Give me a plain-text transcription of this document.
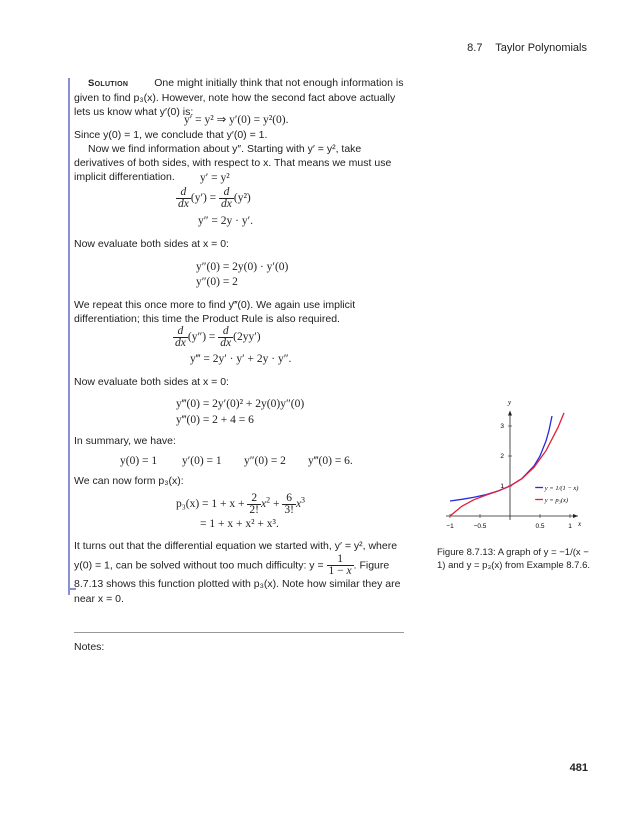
8.7 Taylor Polynomials
Solution One might initially think that not enough information is given to find p₃(x). However, note how the second fact above actually lets us know what y′(0) is:
y′ = y² ⇒ y′(0) = y²(0).
Since y(0) = 1, we conclude that y′(0) = 1.
Now we find information about y″. Starting with y′ = y², take derivatives of both sides, with respect to x. That means we must use implicit differentiation.	y′ = y²
$\frac{d}{dx} (y') = \frac{d}{dx} (y^2)$
y″ = 2y · y′.
Now evaluate both sides at x = 0:
y″(0) = 2y(0) · y′(0)
y″(0) = 2
We repeat this once more to find y‴(0). We again use implicit differentiation; this time the Product Rule is also required.
$\frac{d}{dx} (y'') = \frac{d}{dx} (2yy')$
y‴ = 2y′ · y′ + 2y · y″.
Now evaluate both sides at x = 0:
y‴(0) = 2y′(0)² + 2y(0)y″(0)
y‴(0) = 2 + 4 = 6
In summary, we have:
y(0) = 1 y′(0) = 1 y″(0) = 2 y‴(0) = 6.
We can now form p₃(x):
$p_3(x) = 1 + x + \frac{2}{2!} x^2 + \frac{6}{3!} x^3$
= 1 + x + x² + x³.
It turns out that the differential equation we started with, y′ = y², where y(0) = 1, can be solved without too much difficulty: $y = \frac{1}{1 - x}$ . Figure 8.7.13 shows this function plotted with p₃(x). Note how similar they are near x = 0.
Notes:
x
y
−1	−0.5	0.5	1
1
2
3
y = 1/(1 − x)
y = p₃(x)
Figure 8.7.13: A graph of y = −1/(x − 1) and y = p₃(x) from Example 8.7.6.
481
